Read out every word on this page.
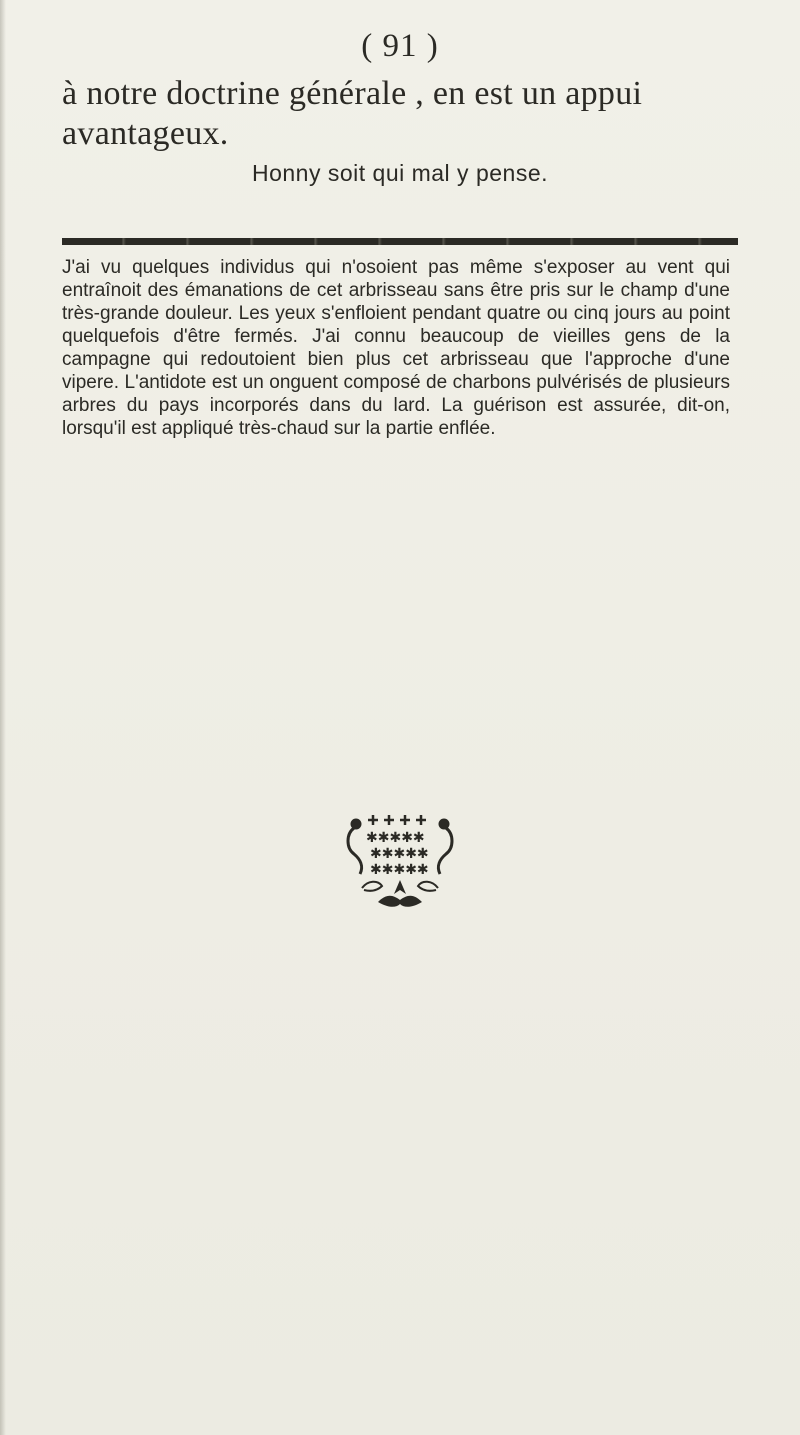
( 91 )

à notre doctrine générale , en est un appui avantageux.

Honny soit qui mal y pense.

J'ai vu quelques individus qui n'osoient pas même s'exposer au vent qui entraînoit des émanations de cet arbrisseau sans être pris sur le champ d'une très-grande douleur. Les yeux s'enfloient pendant quatre ou cinq jours au point quelquefois d'être fermés. J'ai connu beaucoup de vieilles gens de la campagne qui redoutoient bien plus cet arbrisseau que l'approche d'une vipere. L'antidote est un onguent composé de charbons pulvérisés de plusieurs arbres du pays incorporés dans du lard. La guérison est assurée, dit-on, lorsqu'il est appliqué très-chaud sur la partie enflée.

✱✱✱✱✱
✱✱✱✱✱
✱✱✱✱✱
